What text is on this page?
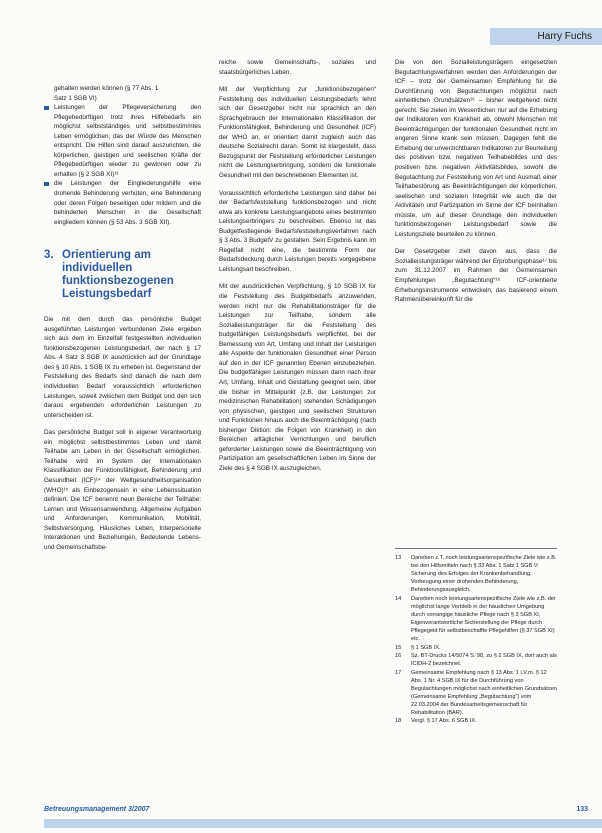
Harry Fuchs

gehalten werden können (§ 77 Abs. 1
Satz 1 SGB VI)

Leistungen der Pflegeversicherung den Pflegebedürftigen trotz ihres Hilfebedarfs ein möglichst selbstständiges und selbstbestimmtes Leben ermöglichen, das der Würde des Menschen entspricht. Die Hilfen sind darauf auszurichten, die körperlichen, geistigen und seelischen Kräfte der Pflegebedürftigen wieder zu gewinnen oder zu erhalten (§ 2 SGB XI)¹³
die Leistungen der Eingliederungshilfe eine drohende Behinderung verhüten, eine Behinderung oder deren Folgen beseitigen oder mildern und die behinderten Menschen in die Gesellschaft eingliedern können (§ 53 Abs. 3 SGB XII).
3. Orientierung am individuellen funktionsbezogenen Leistungsbedarf

Die mit dem durch das persönliche Budget ausgeführten Leistungen verbundenen Ziele ergeben sich aus dem im Einzelfall festgestellten individuellen funktionsbezogenen Leistungsbedarf, der nach § 17 Abs. 4 Satz 3 SGB IX ausdrücklich auf der Grundlage des § 10 Abs. 1 SGB IX zu erheben ist. Gegenstand der Feststellung des Bedarfs sind danach die nach dem individuellen Bedarf voraussichtlich erforderlichen Leistungen, soweit zwischen dem Budget und den sich daraus ergebenden erforderlichen Leistungen zu unterscheiden ist.

Das persönliche Budget soll in eigener Verantwortung ein möglichst selbstbestimmtes Leben und damit Teilhabe am Leben in der Gesellschaft ermöglichen. Teilhabe wird im System der Internationalen Klassifikation der Funktionsfähigkeit, Behinderung und Gesundheit (ICF)¹⁴ der Weltgesundheitsorganisation (WHO)¹⁵ als Einbezogensein in eine Lebenssituation definiert. Die ICF benennt neun Bereiche der Teilhabe: Lernen und Wissensanwendung, Allgemeine Aufgaben und Anforderungen, Kommunikation, Mobilität, Selbstversorgung, Häusliches Leben, Interpersonelle Interaktionen und Beziehungen, Bedeutende Lebens- und Gemeinschaftsbe-

reiche sowie Gemeinschafts-, soziales und staatsbürgerliches Leben.

Mit der Verpflichtung zur „funktionsbezogenen“ Feststellung des individuellen Leistungsbedarfs lehnt sich der Gesetzgeber nicht nur sprachlich an den Sprachgebrauch der Internationalen Klassifikation der Funktionsfähigkeit, Behinderung und Gesundheit (ICF) der WHO an, er orientiert damit zugleich auch das deutsche Sozialrecht daran. Somit ist klargestellt, dass Bezugspunkt der Feststellung erforderlicher Leistungen nicht die Leistungserbringung, sondern die funktionale Gesundheit mit den beschriebenen Elementen ist.

Voraussichtlich erforderliche Leistungen sind daher bei der Bedarfsfeststellung funktionsbezogen und nicht etwa als konkrete Leistungsangebote eines bestimmten Leistungserbringers zu beschreiben. Ebenso ist das Budgetfestlegende Bedarfsfeststellungsverfahren nach § 3 Abs. 3 BudgetV zu gestalten. Sein Ergebnis kann im Regelfall nicht eine, die bestimmte Form der Bedarfsdeckung durch Leistungen bereits vorgegebene Leistungsart beschreiben.

Mit der ausdrücklichen Verpflichtung, § 10 SGB IX für die Feststellung des Budgetbedarfs anzuwenden, werden nicht nur die Rehabilitationsträger für die Leistungen zur Teilhabe, sondern alle Sozialleistungsträger für die Feststellung des budgetfähigen Leistungsbedarfs verpflichtet, bei der Bemessung von Art, Umfang und Inhalt der Leistungen alle Aspekte der funktionalen Gesundheit einer Person auf den in der ICF genannten Ebenen einzubeziehen. Die budgetfähigen Leistungen müssen dann nach ihrer Art, Umfang, Inhalt und Gestaltung geeignet sein, über die bisher im Mittelpunkt (z.B. der Leistungen zur medizinischen Rehabilitation) stehenden Schädigungen von physischen, geistigen und seelischen Strukturen und Funktionen hinaus auch die Beeinträchtigung (nach bisheriger Diktion: die Folgen von Krankheit) in den Bereichen alltäglicher Verrichtungen und beruflich geforderter Leistungen sowie die Beeinträchtigung von Partizipation am gesellschaftlichen Leben im Sinne der Ziele des § 4 SGB IX auszugleichen.

Die von den Sozialleistungsträgern eingesetzten Begutachtungsverfahren werden den Anforderungen der ICF – trotz der Gemeinsamen Empfehlung für die Durchführung von Begutachtungen möglichst nach einheitlichen Grundsätzen¹⁶ – bisher weitgehend nicht gerecht. Sie zielen im Wesentlichen nur auf die Erhebung der Indikatoren von Krankheit ab, obwohl Menschen mit Beeinträchtigungen der funktionalen Gesundheit nicht im engeren Sinne krank sein müssen. Dagegen fehlt die Erhebung der unverzichtbaren Indikatoren zur Beurteilung des positiven bzw. negativen Teilhabebildes und des positiven bzw. negativen Aktivitätsbildes, sowohl die Begutachtung zur Feststellung von Art und Ausmaß einer Teilhabestörung als Beeinträchtigungen der körperlichen, seelischen und sozialen Integrität wie auch die der Aktivitäten und Partizipation im Sinne der ICF beinhalten müsste, um auf dieser Grundlage den individuellen funktionsbezogenen Leistungsbedarf sowie die Leistungsziele beurteilen zu können.

Der Gesetzgeber zielt davon aus, dass die Sozialleistungsträger während der Erprobungsphase¹⁷ bis zum 31.12.2007 im Rahmen der Gemeinsamen Empfehlungen „Begutachtung“¹⁸ ICF-orientierte Erhebungsinstrumente entwickeln, das basierend einem Rahmenübereinkunft für die

13 Daneben z.T. noch leistungsartenspezifische Ziele wie z.B. bei den Hilfsmitteln nach § 33 Abs. 1 Satz 1 SGB V: Sicherung des Erfolges der Krankenbehandlung, Vorbeugung einer drohenden Behinderung, Behinderungsausgleich.

14 Daneben noch leistungsartenspezifische Ziele wie z.B. der möglichst lange Verbleib in der häuslichen Umgebung durch vorrangige häusliche Pflege nach § 3 SGB XI, Eigenverantwortliche Sicherstellung der Pflege durch Pflegegeld für selbstbeschaffte Pflegehilfen (§ 37 SGB XI) etc.

15 § 1 SGB IX.

16 Sz. BT-Drucks 14/5074 S. 98, zu § 2 SGB IX, dort auch als ICIDH-2 bezeichnet.

17 Gemeinsame Empfehlung nach § 13 Abs. 1 i.V.m. § 12 Abs. 1 Nr. 4 SGB IX für die Durchführung von Begutachtungen möglichst nach einheitlichen Grundsätzen (Gemeinsame Empfehlung „Begutachtung“) vom 22.03.2004 der Bundesarbeitsgemeinschaft für Rehabilitation (BAR).

18 Vergl. § 17 Abs. 6 SGB IX.

Betreuungsmanagement 3/2007	133
